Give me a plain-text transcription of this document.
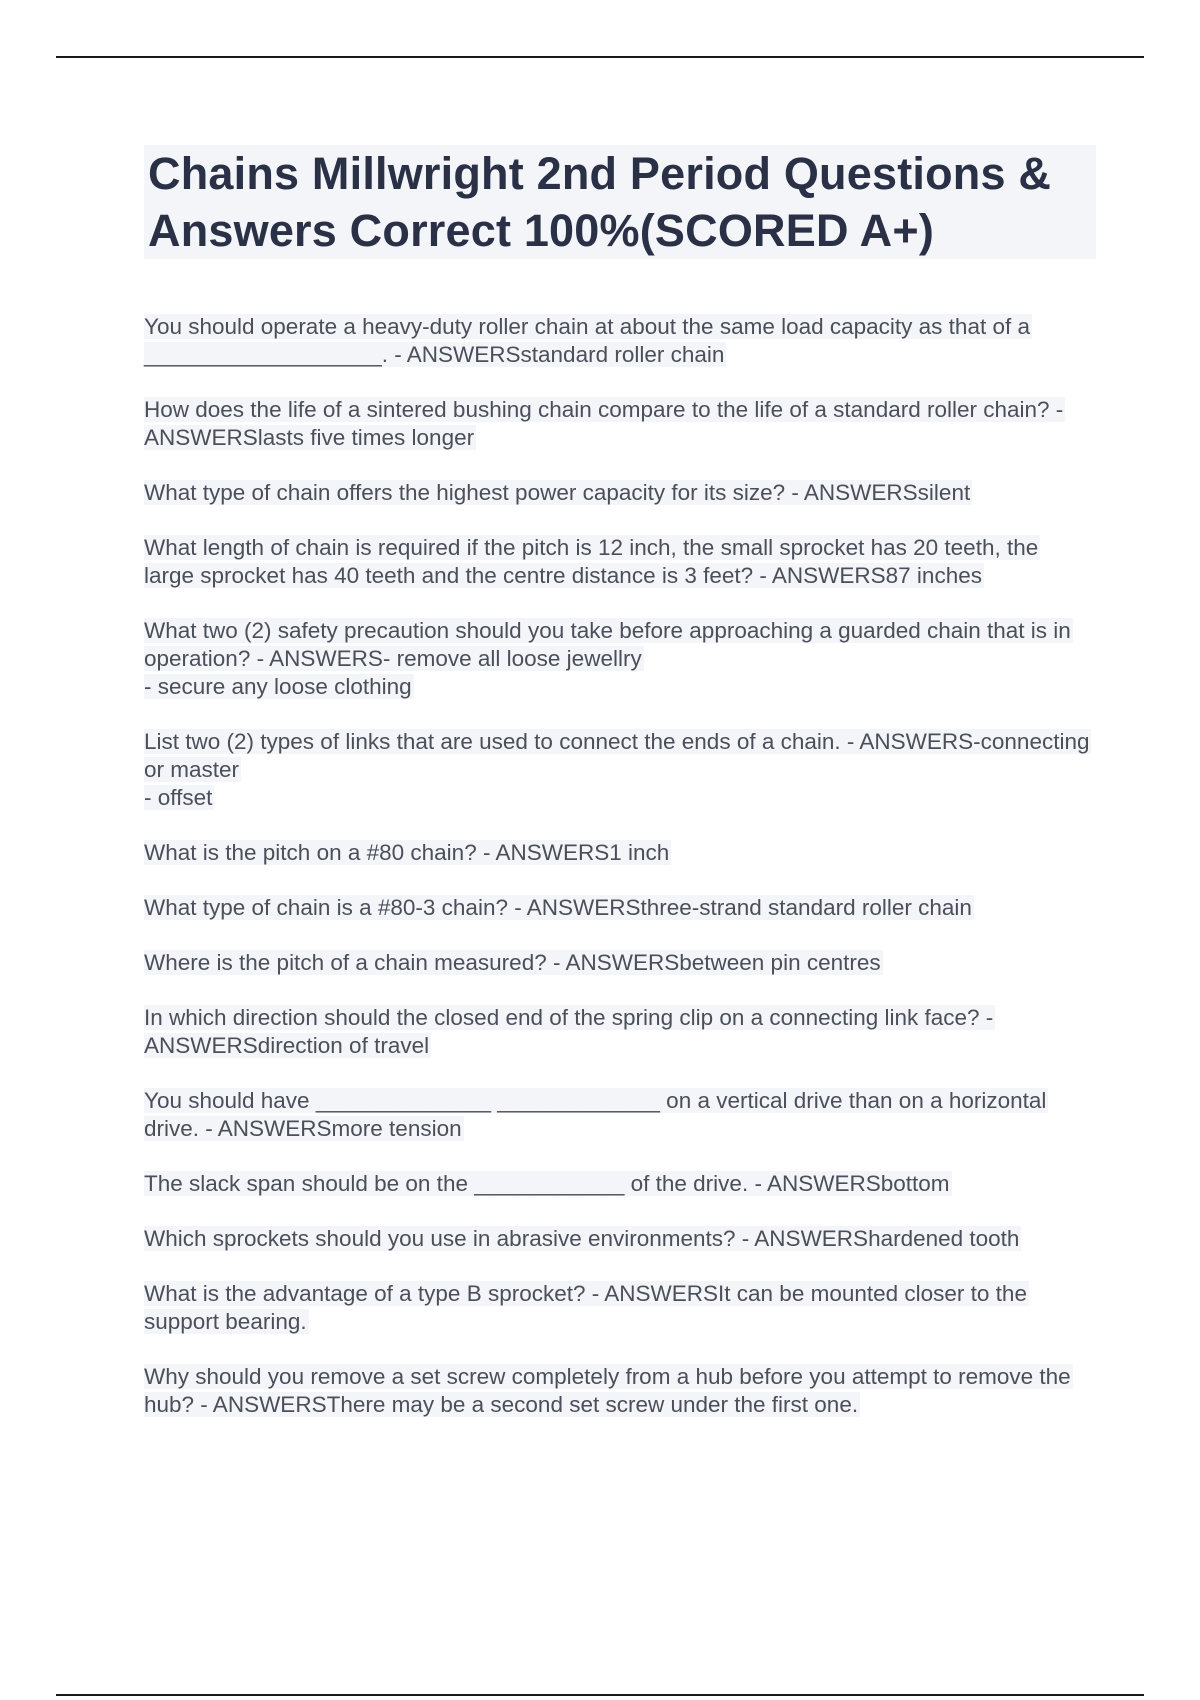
Chains Millwright 2nd Period Questions & Answers Correct 100%(SCORED A+)

You should operate a heavy-duty roller chain at about the same load capacity as that of a ___________________. - ANSWERSstandard roller chain

How does the life of a sintered bushing chain compare to the life of a standard roller chain? - ANSWERSlasts five times longer

What type of chain offers the highest power capacity for its size? - ANSWERSsilent

What length of chain is required if the pitch is 12 inch, the small sprocket has 20 teeth, the large sprocket has 40 teeth and the centre distance is 3 feet? - ANSWERS87 inches

What two (2) safety precaution should you take before approaching a guarded chain that is in operation? - ANSWERS- remove all loose jewellry
- secure any loose clothing

List two (2) types of links that are used to connect the ends of a chain. - ANSWERS-connecting or master
- offset

What is the pitch on a #80 chain? - ANSWERS1 inch

What type of chain is a #80-3 chain? - ANSWERSthree-strand standard roller chain

Where is the pitch of a chain measured? - ANSWERSbetween pin centres

In which direction should the closed end of the spring clip on a connecting link face? - ANSWERSdirection of travel

You should have ______________ _____________ on a vertical drive than on a horizontal drive. - ANSWERSmore tension

The slack span should be on the ____________ of the drive. - ANSWERSbottom

Which sprockets should you use in abrasive environments? - ANSWERShardened tooth

What is the advantage of a type B sprocket? - ANSWERSIt can be mounted closer to the support bearing.

Why should you remove a set screw completely from a hub before you attempt to remove the hub? - ANSWERSThere may be a second set screw under the first one.
